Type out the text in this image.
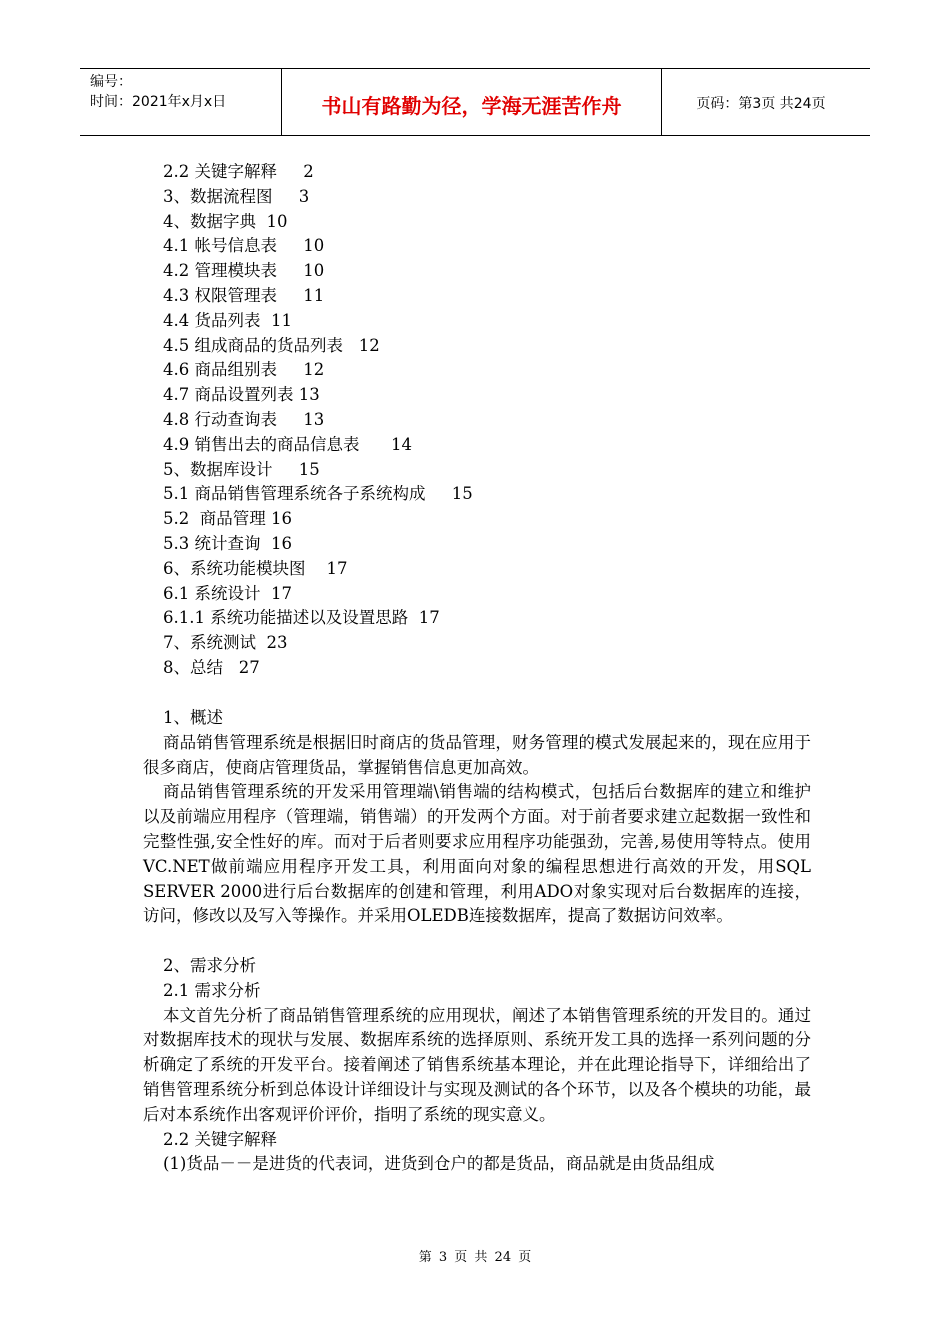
编号：
时间：2021年x月x日	书山有路勤为径，学海无涯苦作舟	页码：第3页 共24页
2.2 关键字解释     2
3、数据流程图     3
4、数据字典  10
4.1 帐号信息表     10
4.2 管理模块表     10
4.3 权限管理表     11
4.4 货品列表  11
4.5 组成商品的货品列表   12
4.6 商品组别表     12
4.7 商品设置列表 13
4.8 行动查询表     13
4.9 销售出去的商品信息表      14
5、数据库设计     15
5.1 商品销售管理系统各子系统构成     15
5.2  商品管理 16
5.3 统计查询  16
6、系统功能模块图    17
6.1 系统设计  17
6.1.1 系统功能描述以及设置思路  17
7、系统测试  23
8、总结   27

1、概述

商品销售管理系统是根据旧时商店的货品管理，财务管理的模式发展起来的，现在应用于很多商店，使商店管理货品，掌握销售信息更加高效。

商品销售管理系统的开发采用管理端\销售端的结构模式，包括后台数据库的建立和维护以及前端应用程序（管理端，销售端）的开发两个方面。对于前者要求建立起数据一致性和完整性强,安全性好的库。而对于后者则要求应用程序功能强劲，完善,易使用等特点。使用VC.NET做前端应用程序开发工具，利用面向对象的编程思想进行高效的开发，用SQL SERVER 2000进行后台数据库的创建和管理，利用ADO对象实现对后台数据库的连接，访问，修改以及写入等操作。并采用OLEDB连接数据库，提高了数据访问效率。

2、需求分析

2.1 需求分析

本文首先分析了商品销售管理系统的应用现状，阐述了本销售管理系统的开发目的。通过对数据库技术的现状与发展、数据库系统的选择原则、系统开发工具的选择一系列问题的分析确定了系统的开发平台。接着阐述了销售系统基本理论，并在此理论指导下，详细给出了销售管理系统分析到总体设计详细设计与实现及测试的各个环节，以及各个模块的功能，最后对本系统作出客观评价评价，指明了系统的现实意义。

2.2 关键字解释

(1)货品－－是进货的代表词，进货到仓户的都是货品，商品就是由货品组成

第 3 页 共 24 页
